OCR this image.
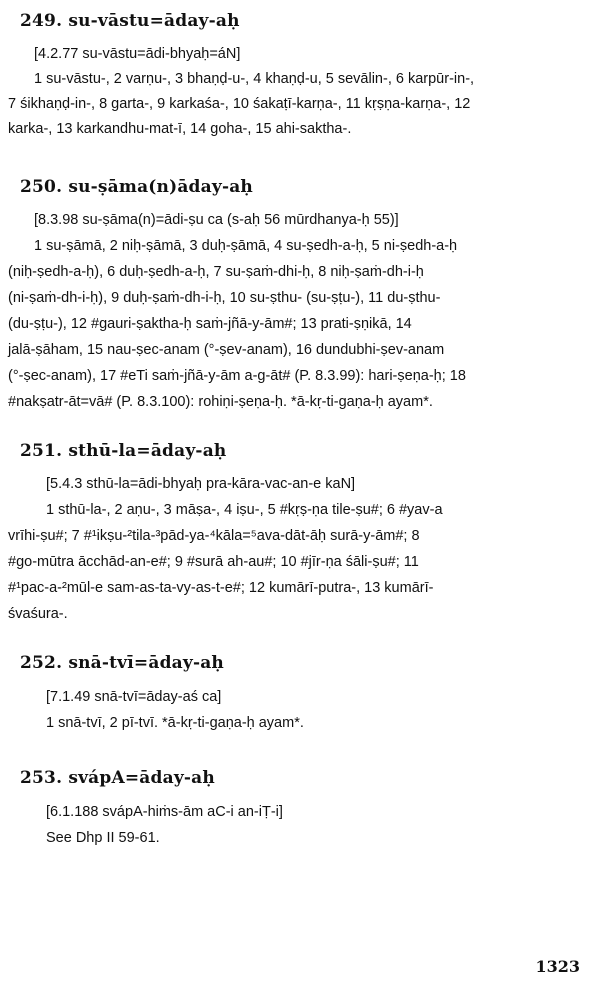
249. su-vāstu=āday-aḥ
[4.2.77 su-vāstu=ādi-bhyaḥ=áN]
1 su-vāstu-, 2 varṇu-, 3 bhaṇḍ-u-, 4 khaṇḍ-u, 5 sevālin-, 6 karpūr-in-,
7 śikhaṇḍ-in-, 8 garta-, 9 karkaśa-, 10 śakaṭī-karṇa-, 11 kṛṣṇa-karṇa-, 12
karka-, 13 karkandhu-mat-ī, 14 goha-, 15 ahi-saktha-.
250. su-ṣāma(n)āday-aḥ
[8.3.98 su-ṣāma(n)=ādi-ṣu ca (s-aḥ 56 mūrdhanya-ḥ 55)]
1 su-ṣāmā, 2 niḥ-ṣāmā, 3 duḥ-ṣāmā, 4 su-ṣedh-a-ḥ, 5 ni-ṣedh-a-ḥ
(niḥ-ṣedh-a-ḥ), 6 duḥ-ṣedh-a-ḥ, 7 su-ṣaṁ-dhi-ḥ, 8 niḥ-ṣaṁ-dh-i-ḥ
(ni-ṣaṁ-dh-i-ḥ), 9 duḥ-ṣaṁ-dh-i-ḥ, 10 su-ṣthu- (su-ṣṭu-), 11 du-ṣthu-
(du-ṣṭu-), 12 #gauri-ṣaktha-ḥ saṁ-jñā-y-ām#; 13 prati-ṣṇikā, 14
jalā-ṣāham, 15 nau-ṣec-anam (°-ṣev-anam), 16 dundubhi-ṣev-anam
(°-ṣec-anam), 17 #eTi saṁ-jñā-y-ām a-g-āt# (P. 8.3.99): hari-ṣeṇa-ḥ; 18
#nakṣatr-āt=vā# (P. 8.3.100): rohiṇi-ṣeṇa-ḥ. *ā-kṛ-ti-gaṇa-ḥ ayam*.
251. sthū-la=āday-aḥ
[5.4.3 sthū-la=ādi-bhyaḥ pra-kāra-vac-an-e kaN]
1 sthū-la-, 2 aṇu-, 3 māṣa-, 4 iṣu-, 5 #kṛṣ-ṇa tile-ṣu#; 6 #yav-a
vrīhi-ṣu#; 7 #¹ikṣu-²tila-³pād-ya-⁴kāla=⁵ava-dāt-āḥ surā-y-ām#; 8
#go-mūtra ācchād-an-e#; 9 #surā ah-au#; 10 #jīr-ṇa śāli-ṣu#; 11
#¹pac-a-²mūl-e sam-as-ta-vy-as-t-e#; 12 kumārī-putra-, 13 kumārī-
śvaśura-.
252. snā-tvī=āday-aḥ
[7.1.49 snā-tvī=āday-aś ca]
1 snā-tvī, 2 pī-tvī. *ā-kṛ-ti-gaṇa-ḥ ayam*.
253. svápA=āday-aḥ
[6.1.188 svápA-hiṁs-ām aC-i an-iṬ-i]
See Dhp II 59-61.
1323
